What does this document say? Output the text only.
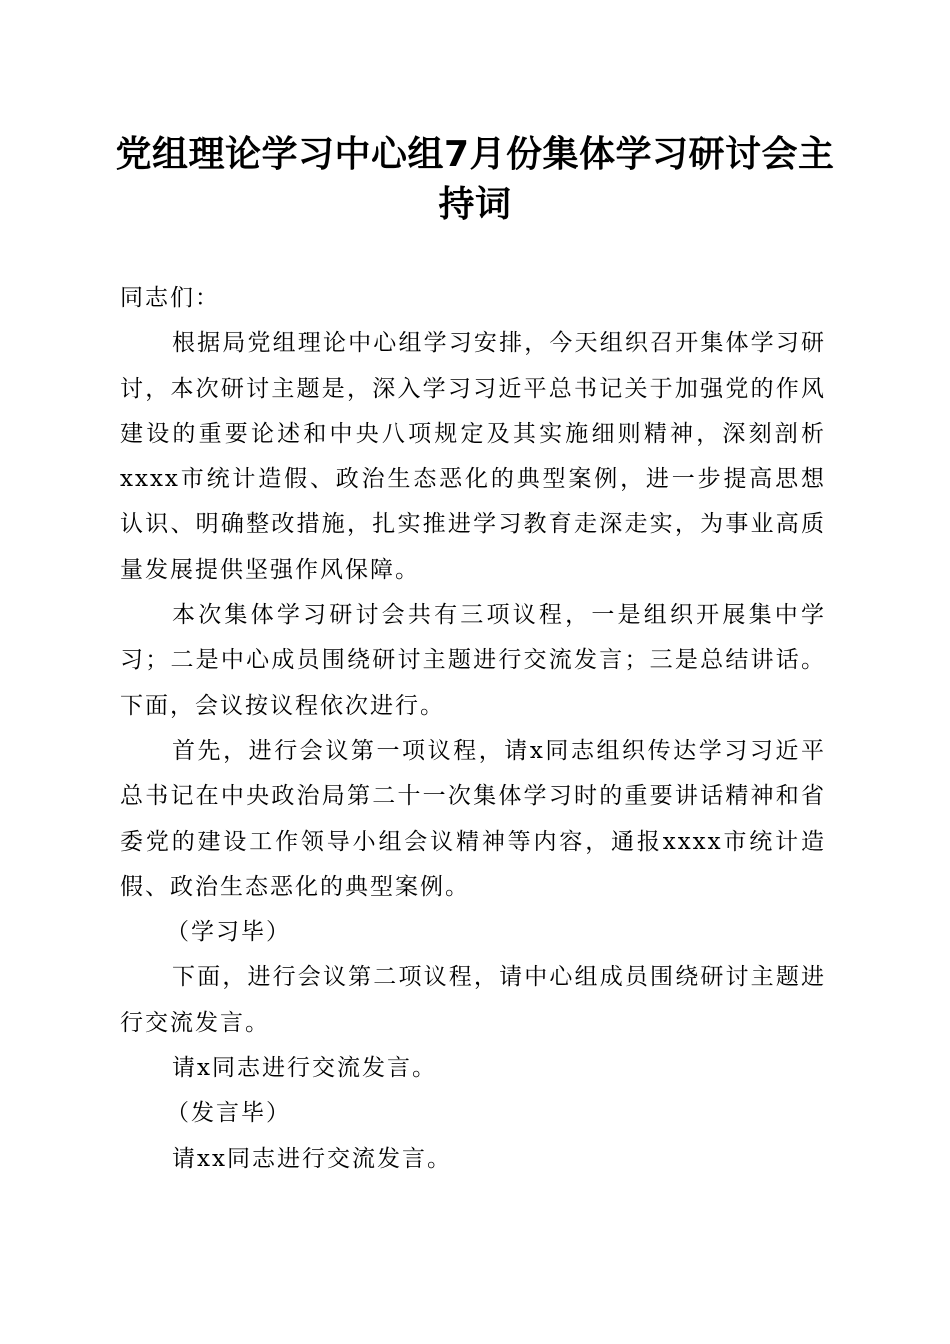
党组理论学习中心组7月份集体学习研讨会主
持词

同志们：

根据局党组理论中心组学习安排，今天组织召开集体学习研讨，本次研讨主题是，深入学习习近平总书记关于加强党的作风建设的重要论述和中央八项规定及其实施细则精神，深刻剖析xxxx市统计造假、政治生态恶化的典型案例，进一步提高思想认识、明确整改措施，扎实推进学习教育走深走实，为事业高质量发展提供坚强作风保障。

本次集体学习研讨会共有三项议程，一是组织开展集中学习；二是中心成员围绕研讨主题进行交流发言；三是总结讲话。下面，会议按议程依次进行。

首先，进行会议第一项议程，请x同志组织传达学习习近平总书记在中央政治局第二十一次集体学习时的重要讲话精神和省委党的建设工作领导小组会议精神等内容，通报xxxx市统计造假、政治生态恶化的典型案例。

（学习毕）

下面，进行会议第二项议程，请中心组成员围绕研讨主题进行交流发言。

请x同志进行交流发言。

（发言毕）

请xx同志进行交流发言。
